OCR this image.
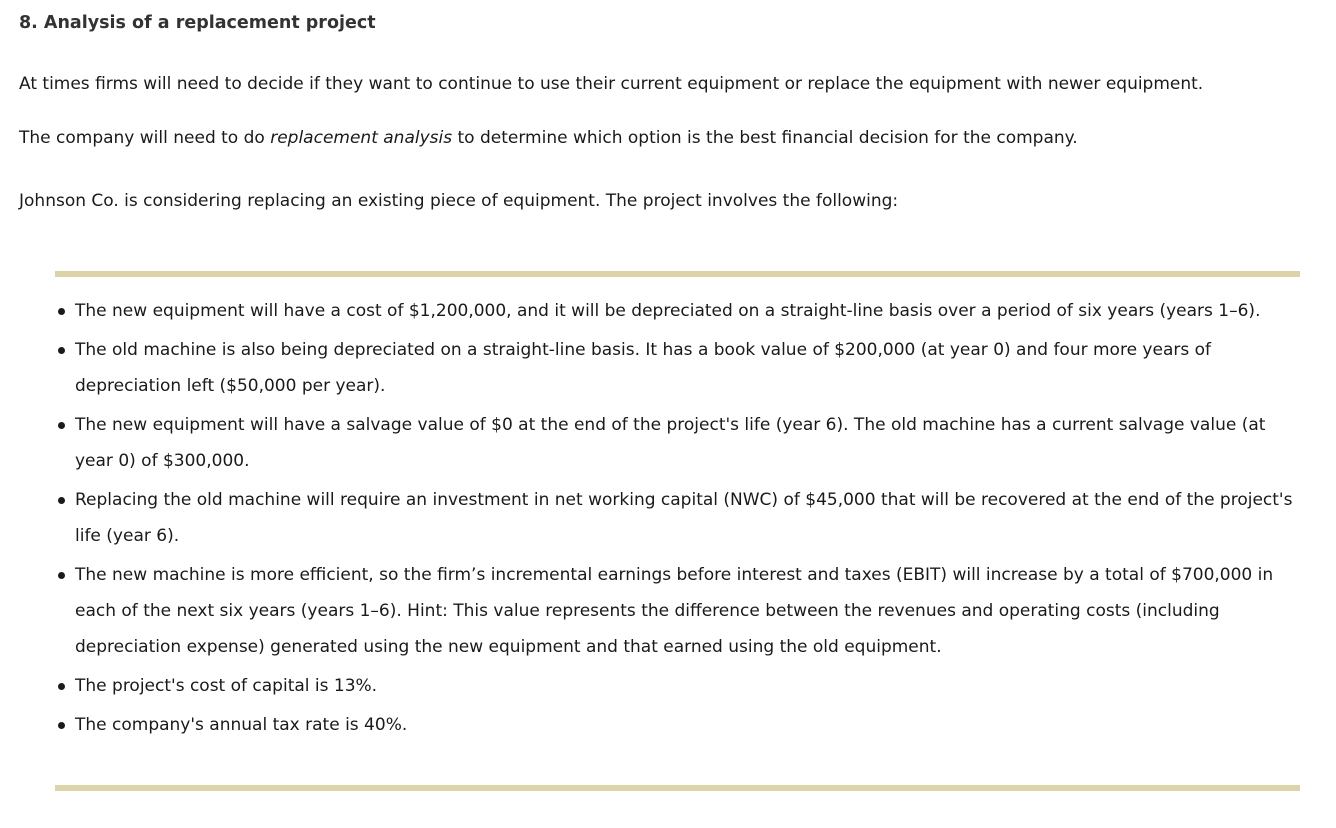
8. Analysis of a replacement project

At times firms will need to decide if they want to continue to use their current equipment or replace the equipment with newer equipment.

The company will need to do replacement analysis to determine which option is the best financial decision for the company.

Johnson Co. is considering replacing an existing piece of equipment. The project involves the following:

The new equipment will have a cost of $1,200,000, and it will be depreciated on a straight-line basis over a period of six years (years 1–6).
The old machine is also being depreciated on a straight-line basis. It has a book value of $200,000 (at year 0) and four more years of depreciation left ($50,000 per year).
The new equipment will have a salvage value of $0 at the end of the project's life (year 6). The old machine has a current salvage value (at year 0) of $300,000.
Replacing the old machine will require an investment in net working capital (NWC) of $45,000 that will be recovered at the end of the project's life (year 6).
The new machine is more efficient, so the firm’s incremental earnings before interest and taxes (EBIT) will increase by a total of $700,000 in each of the next six years (years 1–6). Hint: This value represents the difference between the revenues and operating costs (including depreciation expense) generated using the new equipment and that earned using the old equipment.
The project's cost of capital is 13%.
The company's annual tax rate is 40%.
